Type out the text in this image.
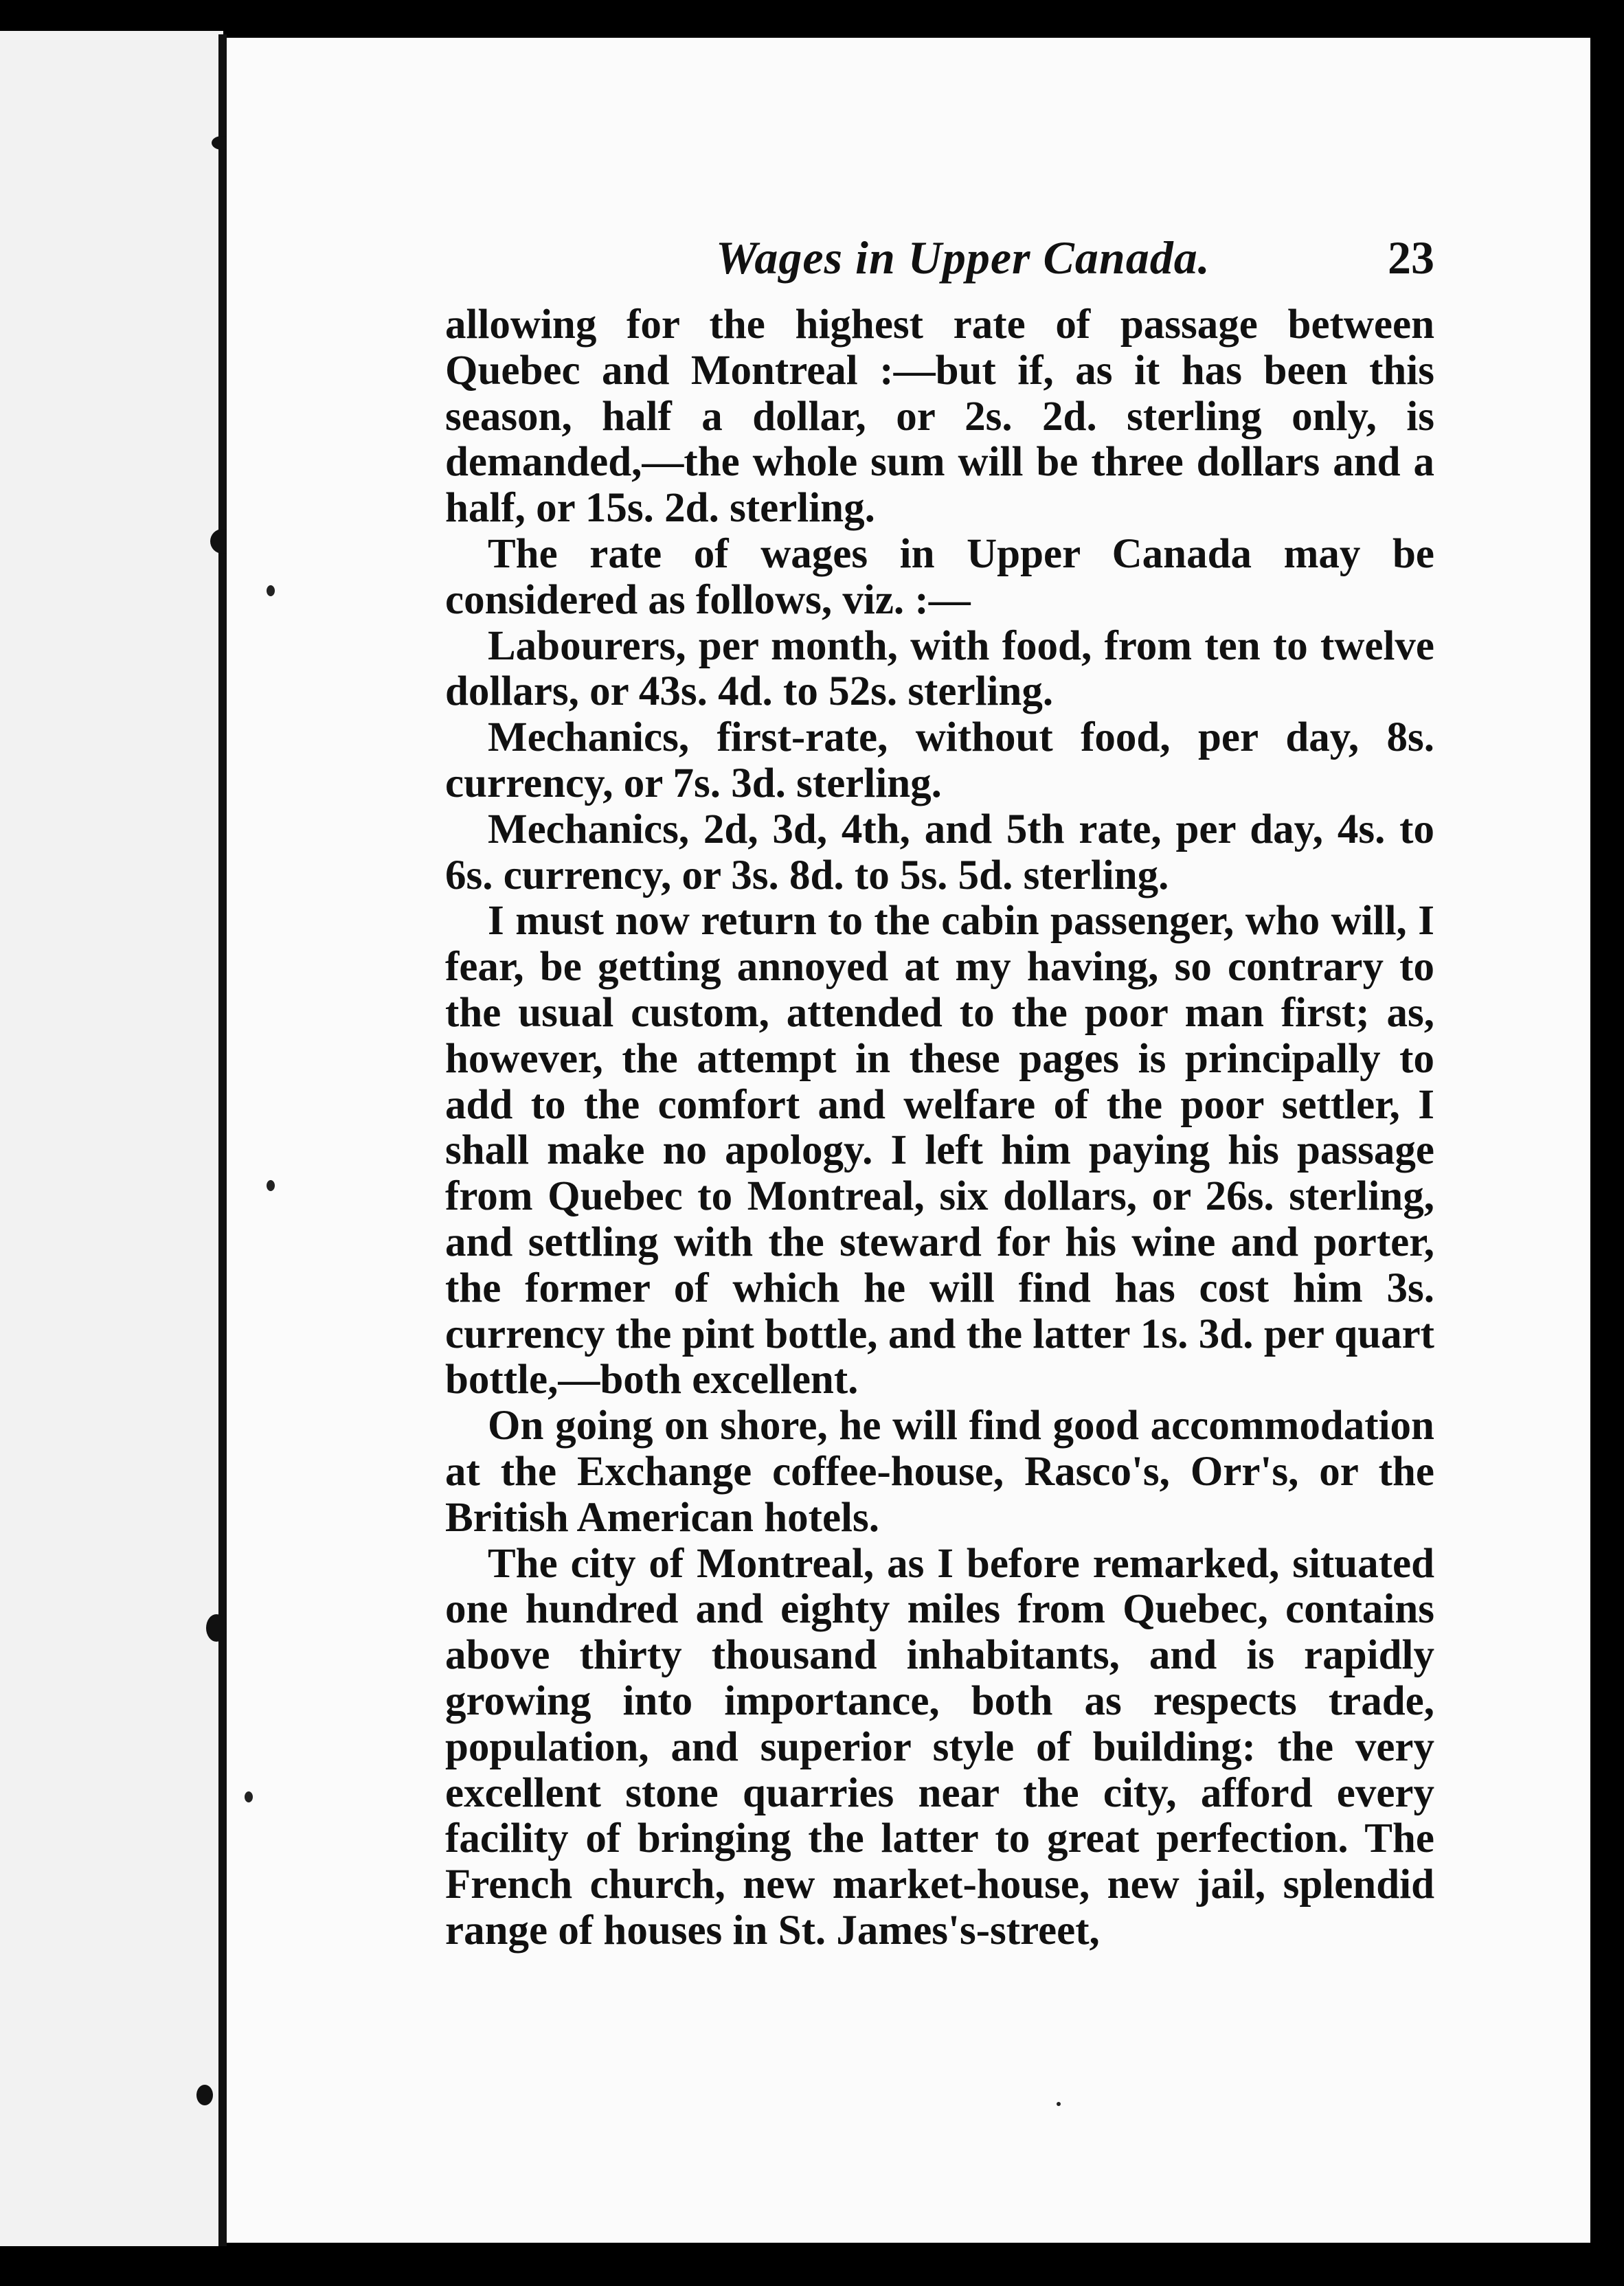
Wages in Upper Canada.	23

allowing for the highest rate of passage between Quebec and Montreal :—but if, as it has been this season, half a dollar, or 2s. 2d. sterling only, is demanded,—the whole sum will be three dollars and a half, or 15s. 2d. sterling.

The rate of wages in Upper Canada may be considered as follows, viz. :—

Labourers, per month, with food, from ten to twelve dollars, or 43s. 4d. to 52s. sterling.

Mechanics, first-rate, without food, per day, 8s. currency, or 7s. 3d. sterling.

Mechanics, 2d, 3d, 4th, and 5th rate, per day, 4s. to 6s. currency, or 3s. 8d. to 5s. 5d. sterling.

I must now return to the cabin passenger, who will, I fear, be getting annoyed at my having, so contrary to the usual custom, attended to the poor man first; as, however, the attempt in these pages is principally to add to the comfort and welfare of the poor settler, I shall make no apology. I left him paying his passage from Quebec to Montreal, six dollars, or 26s. sterling, and settling with the steward for his wine and porter, the former of which he will find has cost him 3s. currency the pint bottle, and the latter 1s. 3d. per quart bottle,—both excellent.

On going on shore, he will find good accommodation at the Exchange coffee-house, Rasco's, Orr's, or the British American hotels.

The city of Montreal, as I before remarked, situated one hundred and eighty miles from Quebec, contains above thirty thousand inhabitants, and is rapidly growing into importance, both as respects trade, population, and superior style of building: the very excellent stone quarries near the city, afford every facility of bringing the latter to great perfection. The French church, new market-house, new jail, splendid range of houses in St. James's-street,
